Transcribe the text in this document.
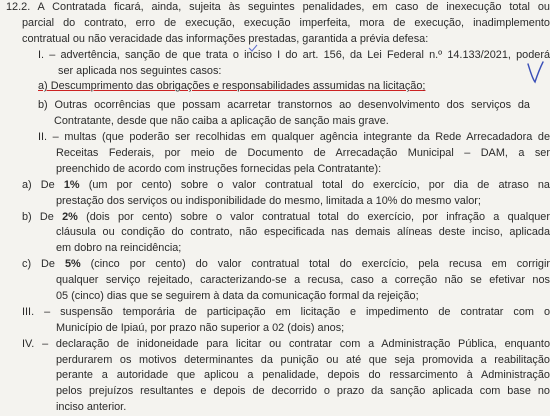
12.2. A Contratada ficará, ainda, sujeita às seguintes penalidades, em caso de inexecução total ou
parcial do contrato, erro de execução, execução imperfeita, mora de execução, inadimplemento
contratual ou não veracidade das informações prestadas, garantida a prévia defesa:
I. – advertência, sanção de que trata o inciso I do art. 156, da Lei Federal n.º 14.133/2021, poderá
ser aplicada nos seguintes casos:
a) Descumprimento das obrigações e responsabilidades assumidas na licitação;
b) Outras ocorrências que possam acarretar transtornos ao desenvolvimento dos serviços da
Contratante, desde que não caiba a aplicação de sanção mais grave.
II. – multas (que poderão ser recolhidas em qualquer agência integrante da Rede Arrecadadora de
Receitas Federais, por meio de Documento de Arrecadação Municipal – DAM, a ser
preenchido de acordo com instruções fornecidas pela Contratante):
a) De 1% (um por cento) sobre o valor contratual total do exercício, por dia de atraso na
prestação dos serviços ou indisponibilidade do mesmo, limitada a 10% do mesmo valor;
b) De 2% (dois por cento) sobre o valor contratual total do exercício, por infração a qualquer
cláusula ou condição do contrato, não especificada nas demais alíneas deste inciso, aplicada
em dobro na reincidência;
c) De 5% (cinco por cento) do valor contratual total do exercício, pela recusa em corrigir
qualquer serviço rejeitado, caracterizando-se a recusa, caso a correção não se efetivar nos
05 (cinco) dias que se seguirem à data da comunicação formal da rejeição;
III. – suspensão temporária de participação em licitação e impedimento de contratar com o
Município de Ipiaú, por prazo não superior a 02 (dois) anos;
IV. – declaração de inidoneidade para licitar ou contratar com a Administração Pública, enquanto
perdurarem os motivos determinantes da punição ou até que seja promovida a reabilitação
perante a autoridade que aplicou a penalidade, depois do ressarcimento à Administração
pelos prejuízos resultantes e depois de decorrido o prazo da sanção aplicada com base no
inciso anterior.
